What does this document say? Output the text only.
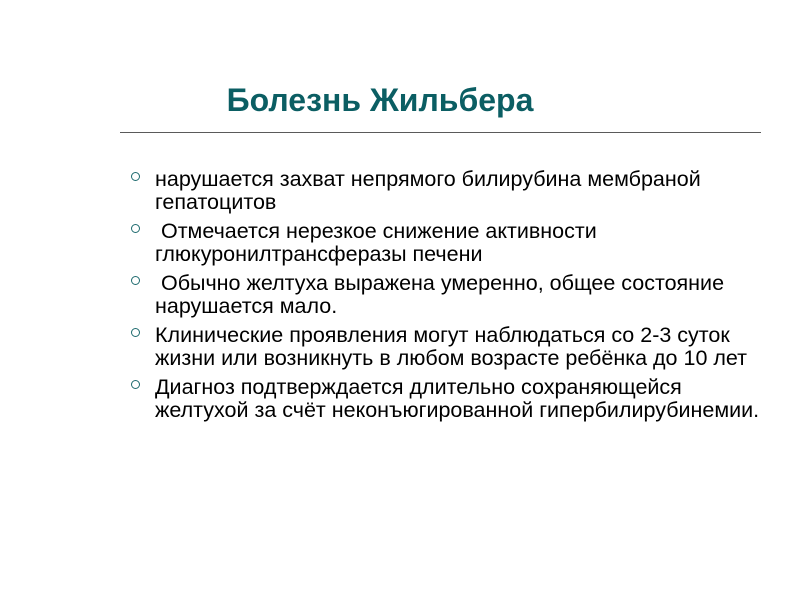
Болезнь Жильбера
нарушается захват непрямого билирубина мембраной гепатоцитов
Отмечается нерезкое снижение активности глюкуронилтрансферазы печени
Обычно желтуха выражена умеренно, общее состояние нарушается мало.
Клинические проявления могут наблюдаться со 2-3 суток жизни или возникнуть в любом возрасте ребёнка до 10 лет
Диагноз подтверждается длительно сохраняющейся желтухой за счёт неконъюгированной гипербилирубинемии.
